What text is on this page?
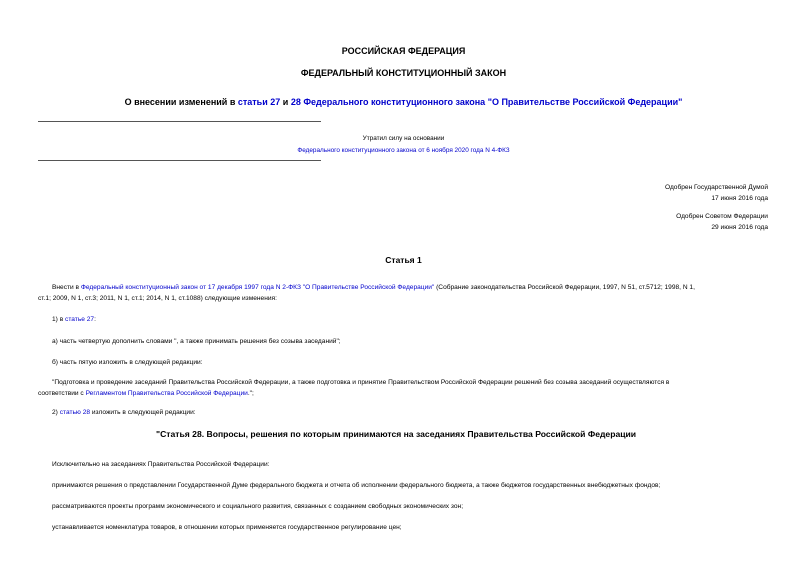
РОССИЙСКАЯ ФЕДЕРАЦИЯ
ФЕДЕРАЛЬНЫЙ КОНСТИТУЦИОННЫЙ ЗАКОН
О внесении изменений в статьи 27 и 28 Федерального конституционного закона "О Правительстве Российской Федерации"
Утратил силу на основании
Федерального конституционного закона от 6 ноября 2020 года N 4-ФКЗ
Одобрен Государственной Думой
17 июня 2016 года
Одобрен Советом Федерации
29 июня 2016 года
Статья 1
Внести в Федеральный конституционный закон от 17 декабря 1997 года N 2-ФКЗ "О Правительстве Российской Федерации" (Собрание законодательства Российской Федерации, 1997, N 51, ст.5712; 1998, N 1,
ст.1; 2009, N 1, ст.3; 2011, N 1, ст.1; 2014, N 1, ст.1088) следующие изменения:
1) в статье 27:
а) часть четвертую дополнить словами ", а также принимать решения без созыва заседаний";
б) часть пятую изложить в следующей редакции:
"Подготовка и проведение заседаний Правительства Российской Федерации, а также подготовка и принятие Правительством Российской Федерации решений без созыва заседаний осуществляются в
соответствии с Регламентом Правительства Российской Федерации.";
2) статью 28 изложить в следующей редакции:
"Статья 28. Вопросы, решения по которым принимаются на заседаниях Правительства Российской Федерации
Исключительно на заседаниях Правительства Российской Федерации:
принимаются решения о представлении Государственной Думе федерального бюджета и отчета об исполнении федерального бюджета, а также бюджетов государственных внебюджетных фондов;
рассматриваются проекты программ экономического и социального развития, связанных с созданием свободных экономических зон;
устанавливается номенклатура товаров, в отношении которых применяется государственное регулирование цен;
